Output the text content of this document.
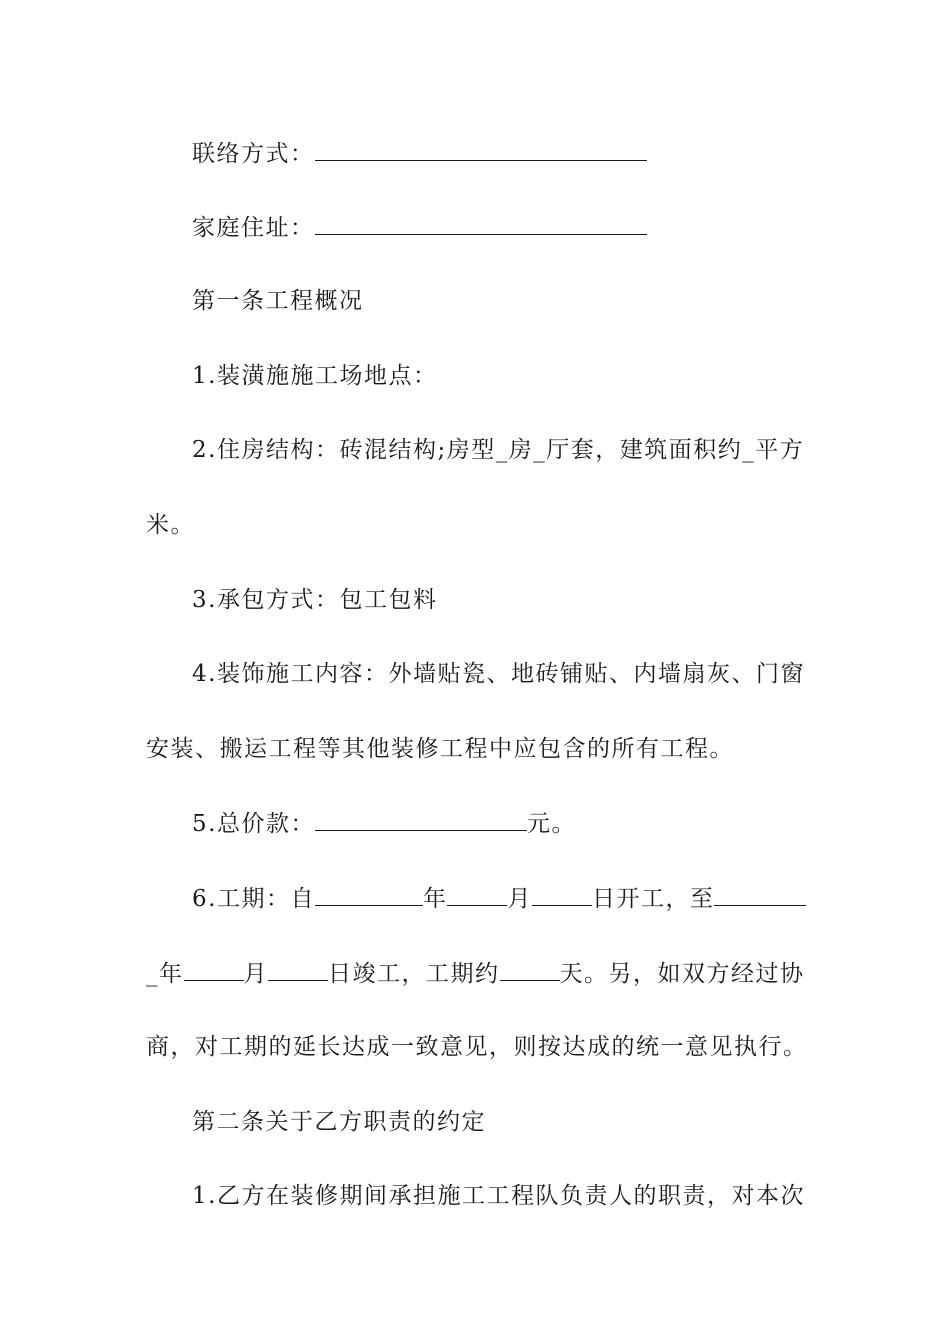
联络方式：
家庭住址：
第一条工程概况
1.装潢施施工场地点：
2.住房结构：砖混结构;房型_房_厅套，建筑面积约_平方
米。
3.承包方式：包工包料
4.装饰施工内容：外墙贴瓷、地砖铺贴、内墙扇灰、门窗
安装、搬运工程等其他装修工程中应包含的所有工程。
5.总价款：	元。
6.工期：自	年	月	日开工，至
_年	月	日竣工，工期约	天。另，如双方经过协
商，对工期的延长达成一致意见，则按达成的统一意见执行。
第二条关于乙方职责的约定
1.乙方在装修期间承担施工工程队负责人的职责，对本次
